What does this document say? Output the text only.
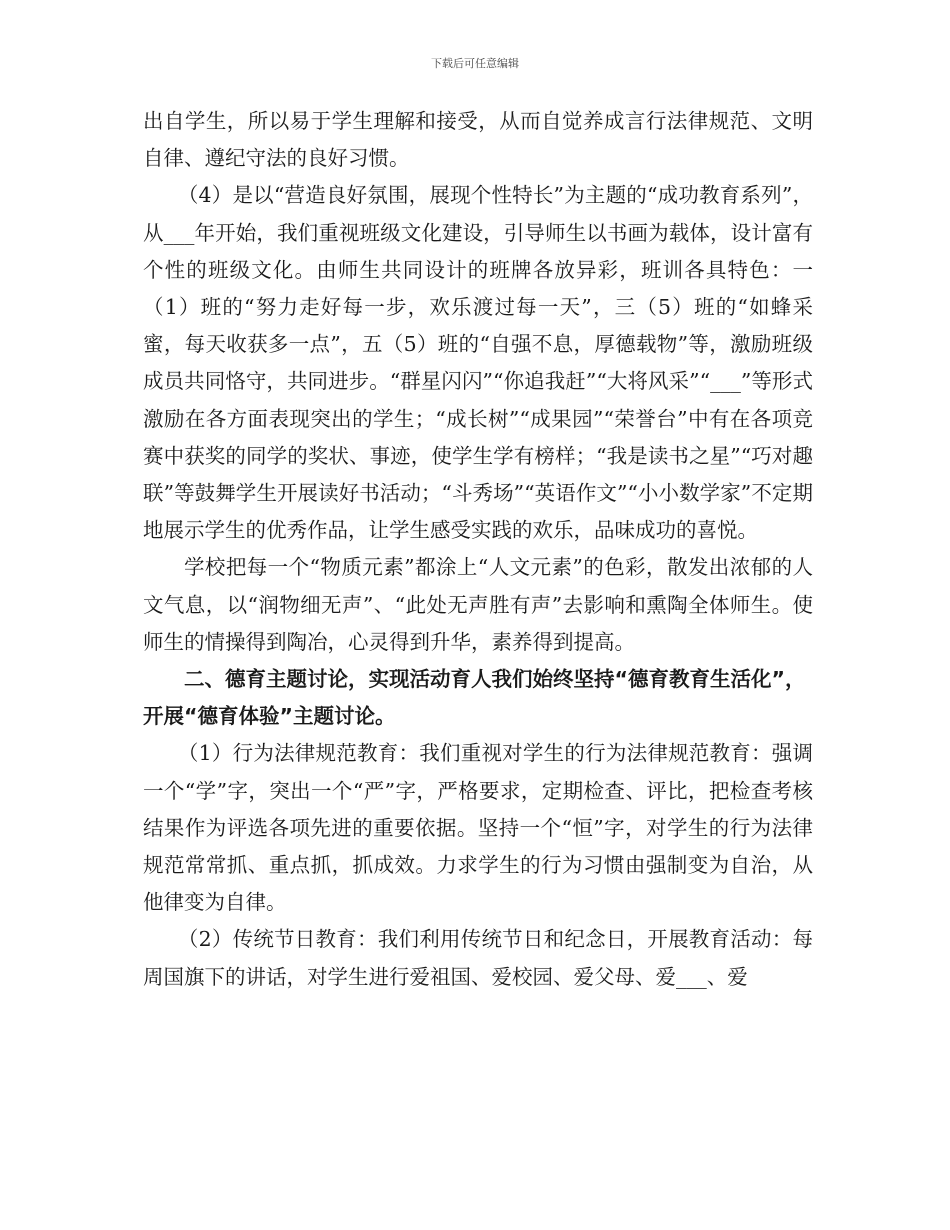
下载后可任意编辑

出自学生，所以易于学生理解和接受，从而自觉养成言行法律规范、文明自律、遵纪守法的良好习惯。

（4）是以“营造良好氛围，展现个性特长”为主题的“成功教育系列”，从___年开始，我们重视班级文化建设，引导师生以书画为载体，设计富有个性的班级文化。由师生共同设计的班牌各放异彩，班训各具特色：一（1）班的“努力走好每一步，欢乐渡过每一天”，三（5）班的“如蜂采蜜，每天收获多一点”，五（5）班的“自强不息，厚德载物”等，激励班级成员共同恪守，共同进步。“群星闪闪”“你追我赶”“大将风采”“___”等形式激励在各方面表现突出的学生；“成长树”“成果园”“荣誉台”中有在各项竞赛中获奖的同学的奖状、事迹，使学生学有榜样；“我是读书之星”“巧对趣联”等鼓舞学生开展读好书活动；“斗秀场”“英语作文”“小小数学家”不定期地展示学生的优秀作品，让学生感受实践的欢乐，品味成功的喜悦。

学校把每一个“物质元素”都涂上“人文元素”的色彩，散发出浓郁的人文气息，以“润物细无声”、“此处无声胜有声”去影响和熏陶全体师生。使师生的情操得到陶冶，心灵得到升华，素养得到提高。

二、德育主题讨论，实现活动育人我们始终坚持“德育教育生活化”，开展“德育体验”主题讨论。

（1）行为法律规范教育：我们重视对学生的行为法律规范教育：强调一个“学”字，突出一个“严”字，严格要求，定期检查、评比，把检查考核结果作为评选各项先进的重要依据。坚持一个“恒”字，对学生的行为法律规范常常抓、重点抓，抓成效。力求学生的行为习惯由强制变为自治，从他律变为自律。

（2）传统节日教育：我们利用传统节日和纪念日，开展教育活动：每周国旗下的讲话，对学生进行爱祖国、爱校园、爱父母、爱___、爱
